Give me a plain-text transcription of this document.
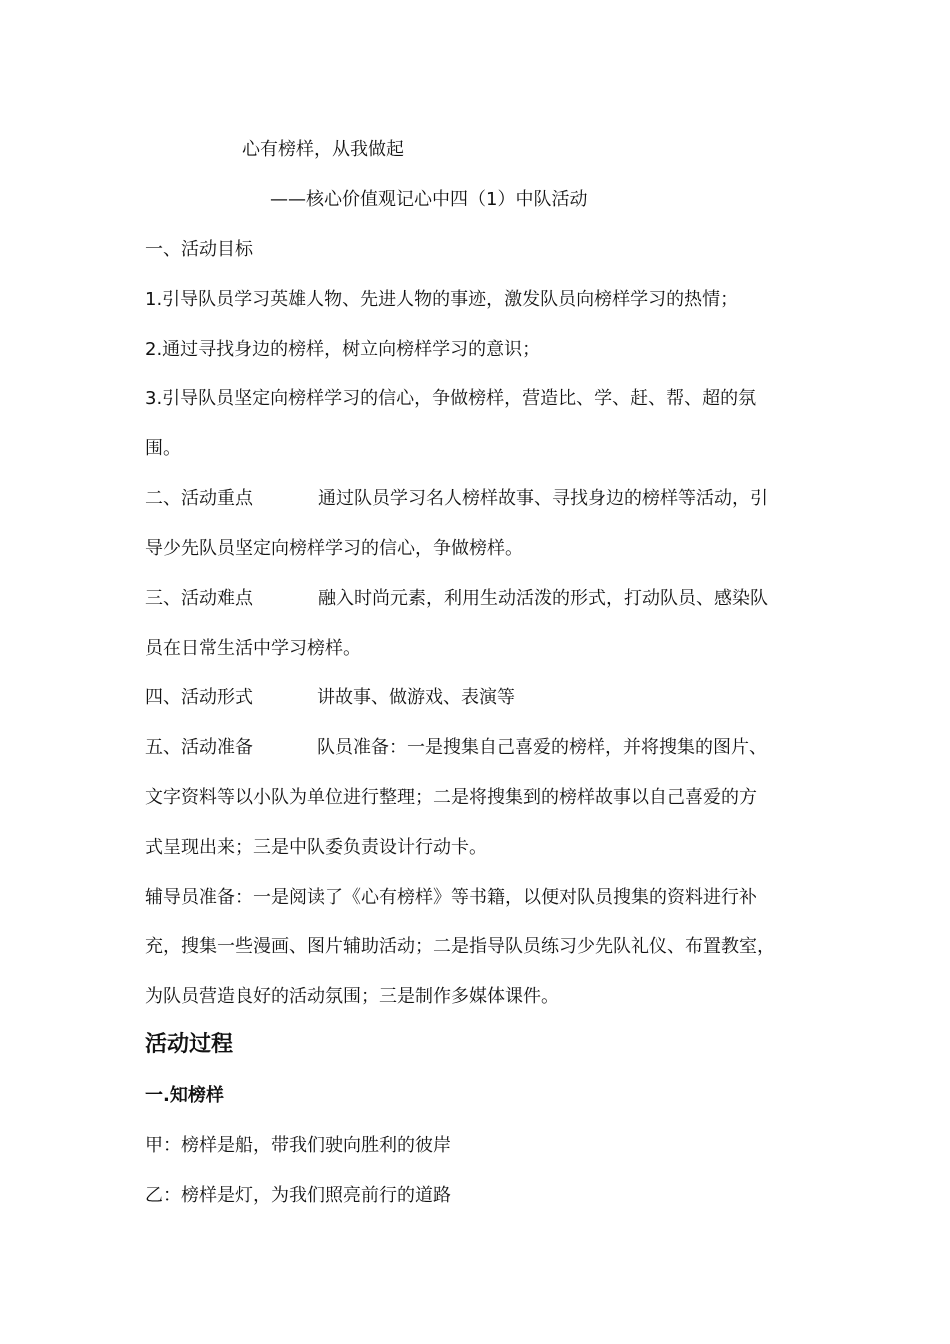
心有榜样，从我做起

——核心价值观记心中四（1）中队活动

一、活动目标

1.引导队员学习英雄人物、先进人物的事迹，激发队员向榜样学习的热情；

2.通过寻找身边的榜样，树立向榜样学习的意识；

3.引导队员坚定向榜样学习的信心，争做榜样，营造比、学、赶、帮、超的氛

围。

二、活动重点	通过队员学习名人榜样故事、寻找身边的榜样等活动，引

导少先队员坚定向榜样学习的信心，争做榜样。

三、活动难点	融入时尚元素，利用生动活泼的形式，打动队员、感染队

员在日常生活中学习榜样。

四、活动形式	讲故事、做游戏、表演等

五、活动准备	队员准备：一是搜集自己喜爱的榜样，并将搜集的图片、

文字资料等以小队为单位进行整理；二是将搜集到的榜样故事以自己喜爱的方

式呈现出来；三是中队委负责设计行动卡。

辅导员准备：一是阅读了《心有榜样》等书籍，以便对队员搜集的资料进行补

充，搜集一些漫画、图片辅助活动；二是指导队员练习少先队礼仪、布置教室，

为队员营造良好的活动氛围；三是制作多媒体课件。

活动过程

一.知榜样

甲：榜样是船，带我们驶向胜利的彼岸

乙：榜样是灯，为我们照亮前行的道路
